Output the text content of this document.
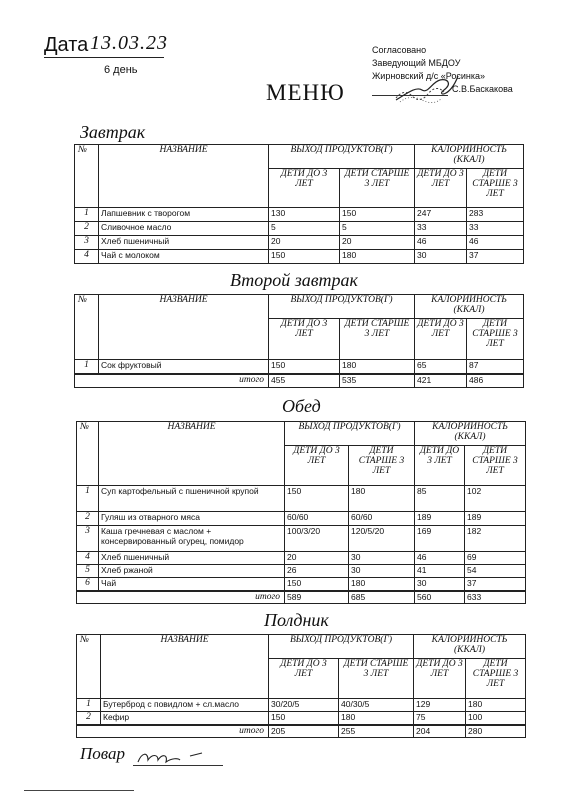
Дата 13.03.23
6 день
Согласовано
Заведующий МБДОУ
Жирновский д/с «Росинка»
С.В.Баскакова
МЕНЮ
Завтрак
№	НАЗВАНИЕ	ВЫХОД ПРОДУКТОВ(Г)		КАЛОРИЙНОСТЬ (ККАЛ)	
		ДЕТИ ДО 3 ЛЕТ	ДЕТИ СТАРШЕ 3 ЛЕТ	ДЕТИ ДО 3 ЛЕТ	ДЕТИ СТАРШЕ 3 ЛЕТ
1	Лапшевник с творогом	130	150	247	283
2	Сливочное масло	5	5	33	33
3	Хлеб пшеничный	20	20	46	46
4	Чай с молоком	150	180	30	37
Второй завтрак
№	НАЗВАНИЕ	ВЫХОД ПРОДУКТОВ(Г)		КАЛОРИЙНОСТЬ (ККАЛ)	
		ДЕТИ ДО 3 ЛЕТ	ДЕТИ СТАРШЕ 3 ЛЕТ	ДЕТИ ДО 3 ЛЕТ	ДЕТИ СТАРШЕ 3 ЛЕТ
1	Сок фруктовый	150	180	65	87
итого		455	535	421	486
Обед
№	НАЗВАНИЕ	ВЫХОД ПРОДУКТОВ(Г)		КАЛОРИЙНОСТЬ (ККАЛ)	
		ДЕТИ ДО 3 ЛЕТ	ДЕТИ СТАРШЕ 3 ЛЕТ	ДЕТИ ДО 3 ЛЕТ	ДЕТИ СТАРШЕ 3 ЛЕТ
1	Суп картофельный с пшеничной крупой	150	180	85	102
2	Гуляш из отварного мяса	60/60	60/60	189	189
3	Каша гречневая с маслом + консервированный огурец, помидор	100/3/20	120/5/20	169	182
4	Хлеб пшеничный	20	30	46	69
5	Хлеб ржаной	26	30	41	54
6	Чай	150	180	30	37
итого		589	685	560	633
Полдник
№	НАЗВАНИЕ	ВЫХОД ПРОДУКТОВ(Г)		КАЛОРИЙНОСТЬ (ККАЛ)	
		ДЕТИ ДО 3 ЛЕТ	ДЕТИ СТАРШЕ 3 ЛЕТ	ДЕТИ ДО 3 ЛЕТ	ДЕТИ СТАРШЕ 3 ЛЕТ
1	Бутерброд с повидлом + сл.масло	30/20/5	40/30/5	129	180
2	Кефир	150	180	75	100
итого		205	255	204	280
Повар
